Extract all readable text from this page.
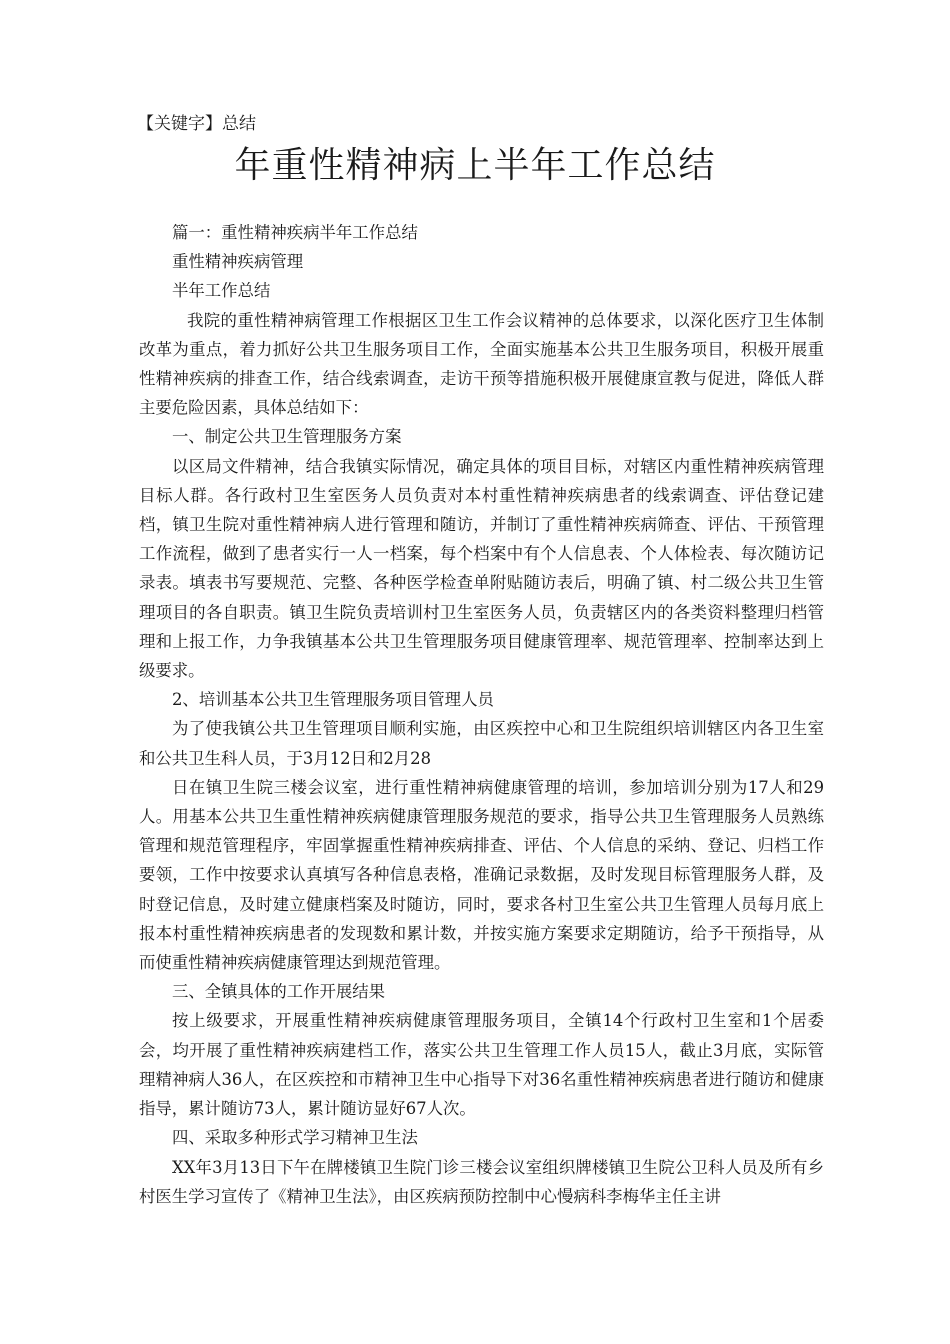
【关键字】总结
年重性精神病上半年工作总结

篇一：重性精神疾病半年工作总结

重性精神疾病管理

半年工作总结

我院的重性精神病管理工作根据区卫生工作会议精神的总体要求，以深化医疗卫生体制改革为重点，着力抓好公共卫生服务项目工作，全面实施基本公共卫生服务项目，积极开展重性精神疾病的排查工作，结合线索调查，走访干预等措施积极开展健康宣教与促进，降低人群主要危险因素，具体总结如下：

一、制定公共卫生管理服务方案

以区局文件精神，结合我镇实际情况，确定具体的项目目标，对辖区内重性精神疾病管理目标人群。各行政村卫生室医务人员负责对本村重性精神疾病患者的线索调查、评估登记建档，镇卫生院对重性精神病人进行管理和随访，并制订了重性精神疾病筛查、评估、干预管理工作流程，做到了患者实行一人一档案，每个档案中有个人信息表、个人体检表、每次随访记录表。填表书写要规范、完整、各种医学检查单附贴随访表后，明确了镇、村二级公共卫生管理项目的各自职责。镇卫生院负责培训村卫生室医务人员，负责辖区内的各类资料整理归档管理和上报工作，力争我镇基本公共卫生管理服务项目健康管理率、规范管理率、控制率达到上级要求。

2、培训基本公共卫生管理服务项目管理人员

为了使我镇公共卫生管理项目顺利实施，由区疾控中心和卫生院组织培训辖区内各卫生室和公共卫生科人员，于3月12日和2月28

日在镇卫生院三楼会议室，进行重性精神病健康管理的培训，参加培训分别为17人和29人。用基本公共卫生重性精神疾病健康管理服务规范的要求，指导公共卫生管理服务人员熟练管理和规范管理程序，牢固掌握重性精神疾病排查、评估、个人信息的采纳、登记、归档工作要领，工作中按要求认真填写各种信息表格，准确记录数据，及时发现目标管理服务人群，及时登记信息，及时建立健康档案及时随访，同时，要求各村卫生室公共卫生管理人员每月底上报本村重性精神疾病患者的发现数和累计数，并按实施方案要求定期随访，给予干预指导，从而使重性精神疾病健康管理达到规范管理。

三、全镇具体的工作开展结果

按上级要求，开展重性精神疾病健康管理服务项目，全镇14个行政村卫生室和1个居委会，均开展了重性精神疾病建档工作，落实公共卫生管理工作人员15人，截止3月底，实际管理精神病人36人，在区疾控和市精神卫生中心指导下对36名重性精神疾病患者进行随访和健康指导，累计随访73人，累计随访显好67人次。

四、采取多种形式学习精神卫生法

XX年3月13日下午在牌楼镇卫生院门诊三楼会议室组织牌楼镇卫生院公卫科人员及所有乡村医生学习宣传了《精神卫生法》，由区疾病预防控制中心慢病科李梅华主任主讲
